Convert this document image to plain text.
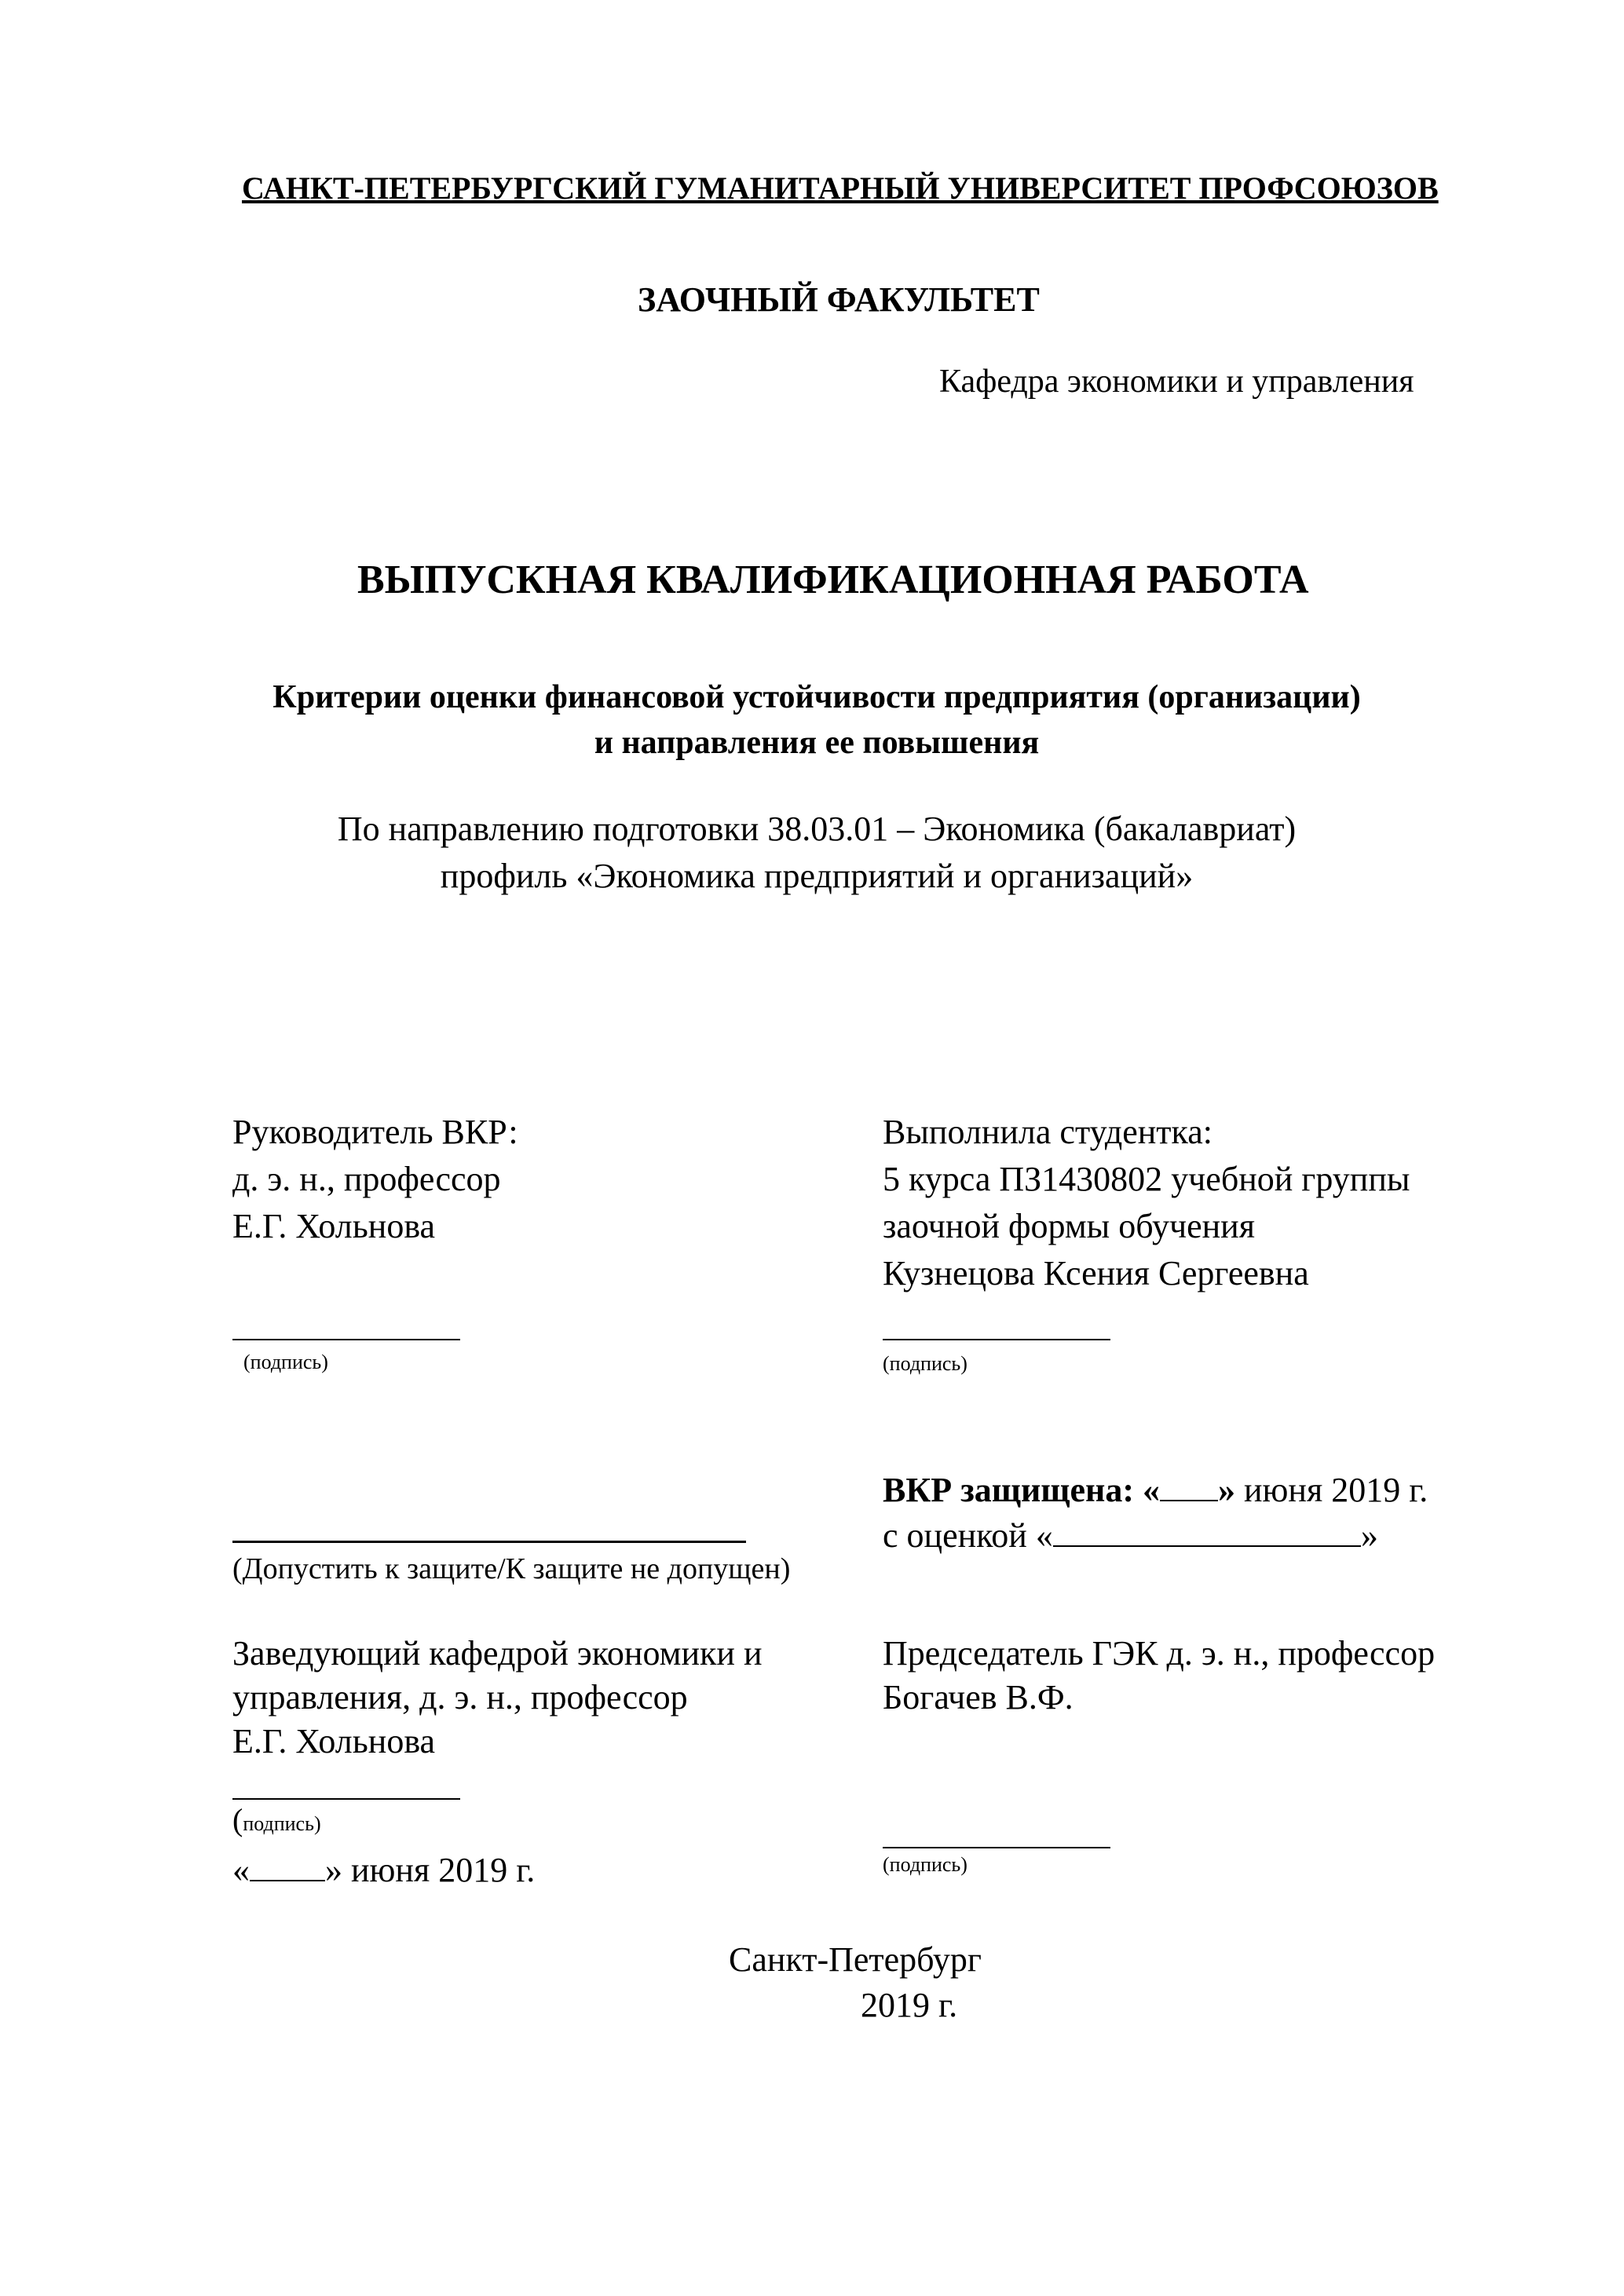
САНКТ-ПЕТЕРБУРГСКИЙ ГУМАНИТАРНЫЙ УНИВЕРСИТЕТ ПРОФСОЮЗОВ
ЗАОЧНЫЙ ФАКУЛЬТЕТ
Кафедра экономики и управления
ВЫПУСКНАЯ КВАЛИФИКАЦИОННАЯ РАБОТА
Критерии оценки финансовой устойчивости предприятия (организации)
и направления ее повышения
По направлению подготовки 38.03.01 – Экономика (бакалавриат)
профиль «Экономика предприятий и организаций»
Руководитель ВКР:
д. э. н., профессор
Е.Г. Хольнова
(подпись)
Выполнила студентка:
5 курса ПЗ1430802 учебной группы
заочной формы обучения
Кузнецова Ксения Сергеевна
(подпись)
(Допустить к защите/К защите не допущен)
ВКР защищена: « » июня 2019 г.
с оценкой «	»
Заведующий кафедрой экономики и
управления, д. э. н., профессор
Е.Г. Хольнова
(подпись)
« » июня 2019 г.
Председатель ГЭК д. э. н., профессор
Богачев В.Ф.
(подпись)
Санкт-Петербург
2019 г.
